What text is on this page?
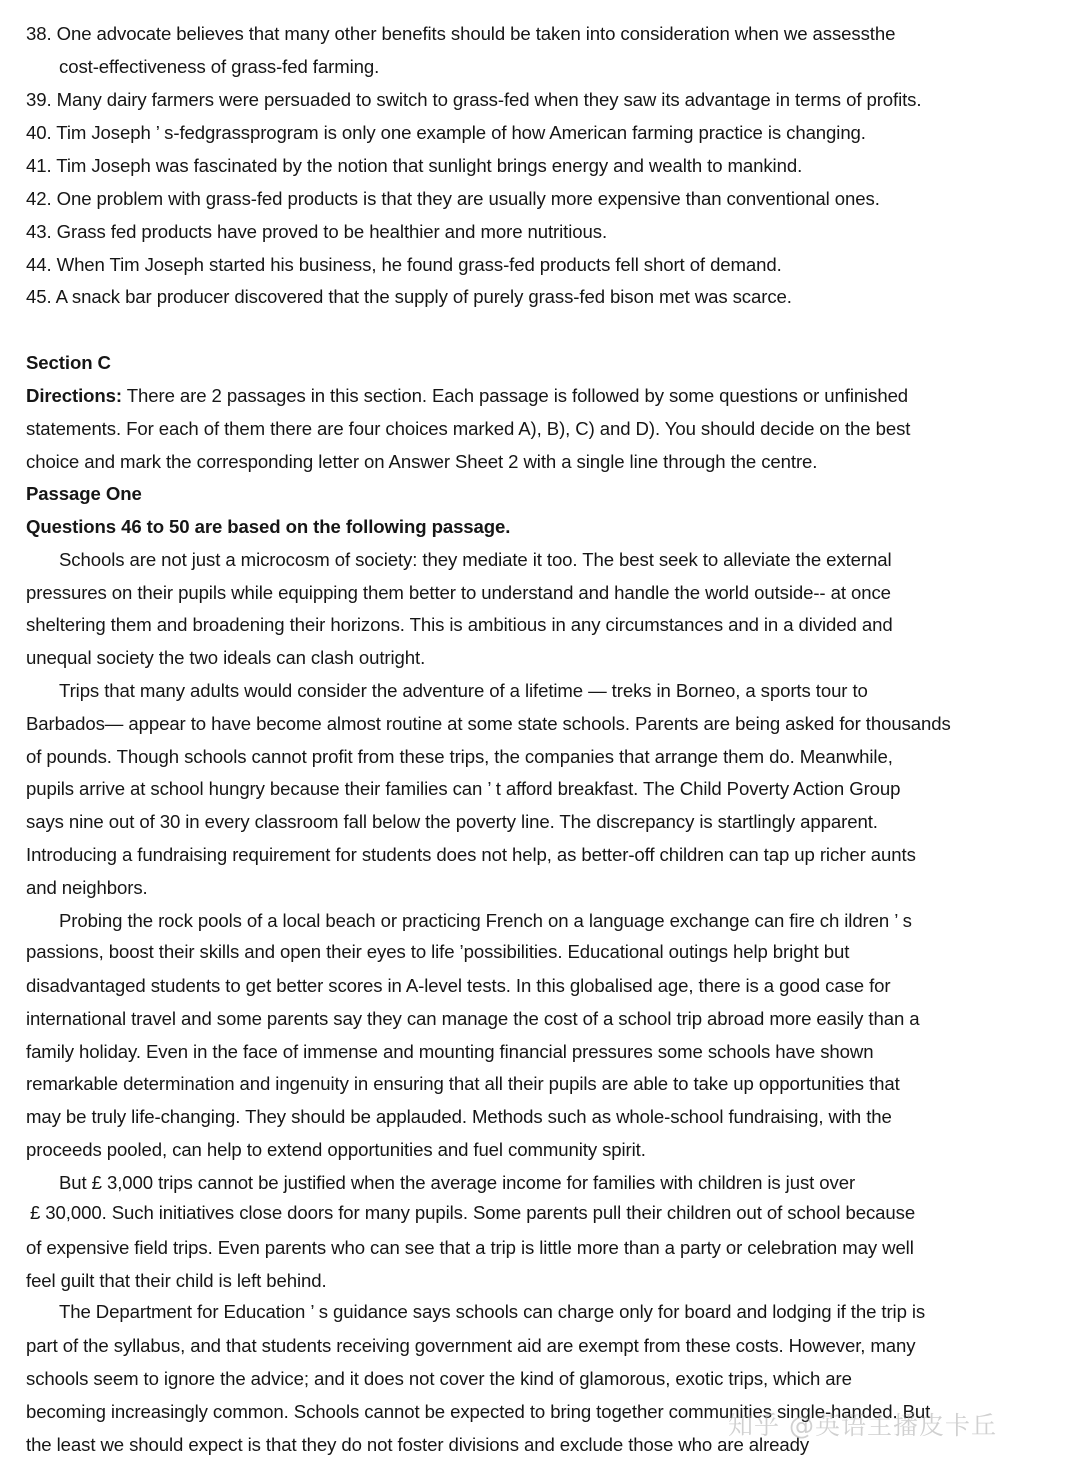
38. One advocate believes that many other benefits should be taken into consideration when we assessthe
cost-effectiveness of grass-fed farming.
39. Many dairy farmers were persuaded to switch to grass-fed when they saw its advantage in terms of profits.
40. Tim Joseph ’ s-fedgrassprogram is only one example of how American farming practice is changing.
41. Tim Joseph was fascinated by the notion that sunlight brings energy and wealth to mankind.
42. One problem with grass-fed products is that they are usually more expensive than conventional ones.
43. Grass fed products have proved to be healthier and more nutritious.
44. When Tim Joseph started his business, he found grass-fed products fell short of demand.
45. A snack bar producer discovered that the supply of purely grass-fed bison met was scarce.
Section C
Directions: There are 2 passages in this section. Each passage is followed by some questions or unfinished
statements. For each of them there are four choices marked A), B), C) and D). You should decide on the best
choice and mark the corresponding letter on Answer Sheet 2 with a single line through the centre.
Passage One
Questions 46 to 50 are based on the following passage.
Schools are not just a microcosm of society: they mediate it too. The best seek to alleviate the external
pressures on their pupils while equipping them better to understand and handle the world outside-- at once
sheltering them and broadening their horizons. This is ambitious in any circumstances and in a divided and
unequal society the two ideals can clash outright.
Trips that many adults would consider the adventure of a lifetime — treks in Borneo, a sports tour to
Barbados— appear to have become almost routine at some state schools. Parents are being asked for thousands
of pounds. Though schools cannot profit from these trips, the companies that arrange them do. Meanwhile,
pupils arrive at school hungry because their families can ’ t afford breakfast. The Child Poverty Action Group
says nine out of 30 in every classroom fall below the poverty line. The discrepancy is startlingly apparent.
Introducing a fundraising requirement for students does not help, as better-off children can tap up richer aunts
and neighbors.
Probing the rock pools of a local beach or practicing French on a language exchange can fire ch ildren ’ s
passions, boost their skills and open their eyes to life ’possibilities. Educational outings help bright but
disadvantaged students to get better scores in A-level tests. In this globalised age, there is a good case for
international travel and some parents say they can manage the cost of a school trip abroad more easily than a
family holiday. Even in the face of immense and mounting financial pressures some schools have shown
remarkable determination and ingenuity in ensuring that all their pupils are able to take up opportunities that
may be truly life-changing. They should be applauded. Methods such as whole-school fundraising, with the
proceeds pooled, can help to extend opportunities and fuel community spirit.
But £ 3,000 trips cannot be justified when the average income for families with children is just over
£ 30,000. Such initiatives close doors for many pupils. Some parents pull their children out of school because
of expensive field trips. Even parents who can see that a trip is little more than a party or celebration may well
feel guilt that their child is left behind.
The Department for Education ’ s guidance says schools can charge only for board and lodging if the trip is
part of the syllabus, and that students receiving government aid are exempt from these costs. However, many
schools seem to ignore the advice; and it does not cover the kind of glamorous, exotic trips, which are
becoming increasingly common. Schools cannot be expected to bring together communities single-handed. But
the least we should expect is that they do not foster divisions and exclude those who are already
知乎 @英语主播皮卡丘
